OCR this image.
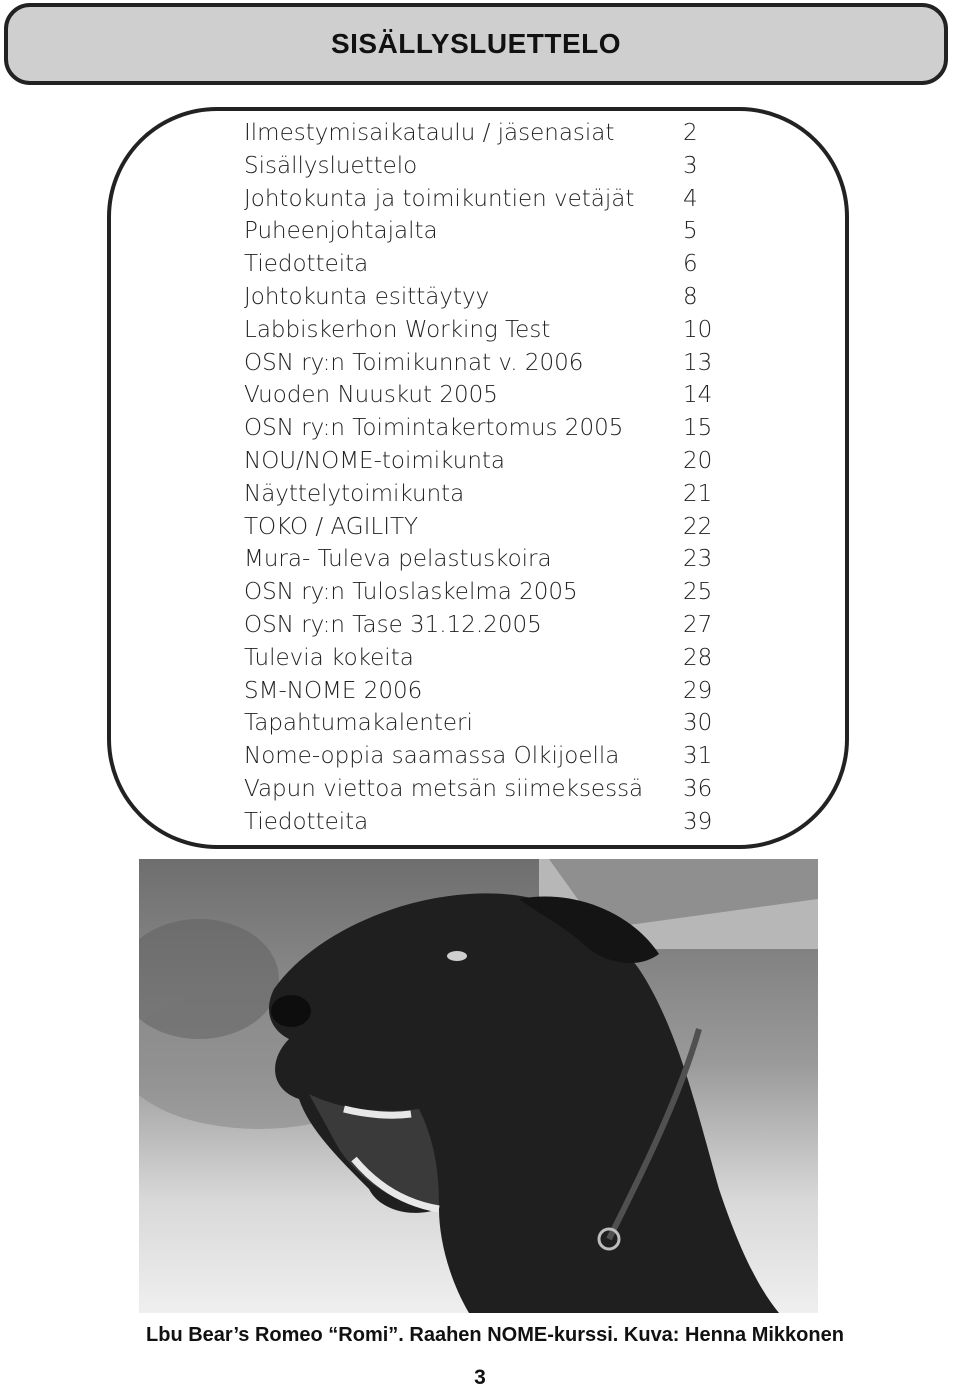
SISÄLLYSLUETTELO
Ilmestymisaikataulu / jäsenasiat	2
Sisällysluettelo	3
Johtokunta ja toimikuntien vetäjät	4
Puheenjohtajalta	5
Tiedotteita	6
Johtokunta esittäytyy	8
Labbiskerhon Working Test	10
OSN ry:n Toimikunnat v. 2006	13
Vuoden Nuuskut 2005	14
OSN ry:n Toimintakertomus 2005	15
NOU/NOME-toimikunta	20
Näyttelytoimikunta	21
TOKO / AGILITY	22
Mura- Tuleva pelastuskoira	23
OSN ry:n Tuloslaskelma 2005	25
OSN ry:n Tase 31.12.2005	27
Tulevia kokeita	28
SM-NOME 2006	29
Tapahtumakalenteri	30
Nome-oppia saamassa Olkijoella	31
Vapun viettoa metsän siimeksessä	36
Tiedotteita	39
Lbu Bear’s Romeo “Romi”. Raahen NOME-kurssi. Kuva: Henna Mikkonen
3
